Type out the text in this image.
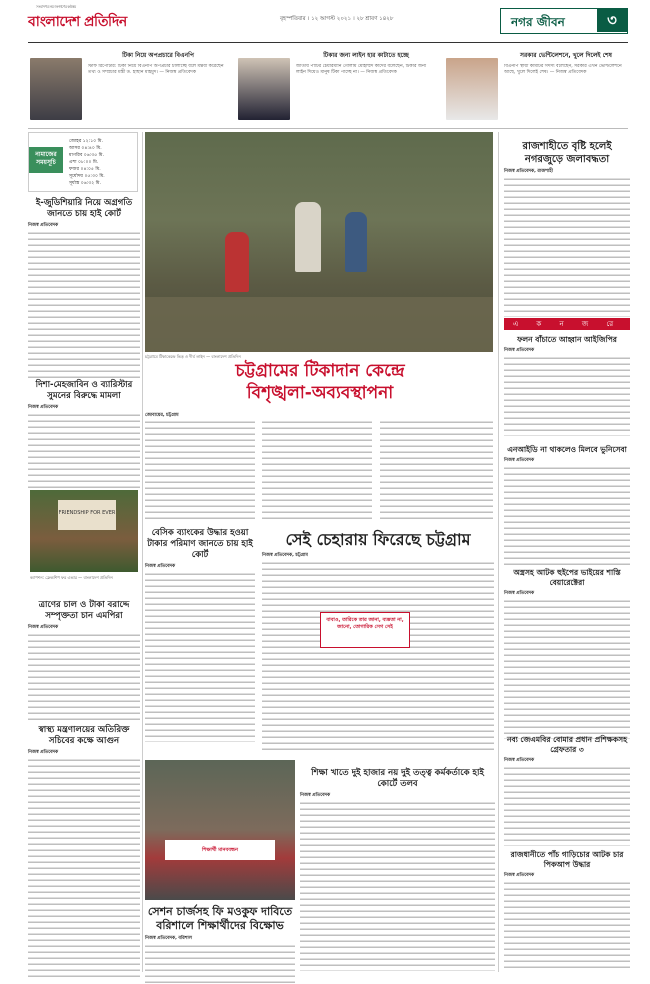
সংবাদপত্র নয় জনগণের কণ্ঠস্বর
বাংলাদেশ প্রতিদিন	বৃহস্পতিবার । ১২ আগস্ট ২০২১ । ২৮ শ্রাবণ ১৪২৮	নগর জীবন	৩
টিকা নিয়ে অপপ্রচারে বিএনপি
স্টাফ রিপোর্টার: টিকা নিয়ে বিএনপি অপপ্রচার চালাচ্ছে বলে মন্তব্য করেছেন তথ্য ও সম্প্রচার মন্ত্রী ড. হাছান মাহমুদ। — নিজস্ব প্রতিবেদক
টিকার জন্য লাইন হার কাটাতে হচ্ছে
জাতীয় পার্টির চেয়ারম্যান গোলাম মোহাম্মদ কাদের বলেছেন, টিকার জন্য লাইন দিয়েও মানুষ টিকা পাচ্ছে না। — নিজস্ব প্রতিবেদক
সরকার ভেন্টিলেশনে, খুলে দিলেই শেষ
বিএনপি স্থায়ী কমিটির সদস্য বলেছেন, সরকার এখন ভেন্টিলেশনে আছে, খুলে দিলেই শেষ। — নিজস্ব প্রতিবেদক
নামাজের সময়সূচি
জোহর ১২:১০ মি.
আসর ০৪:৪০ মি.
মাগরিব ০৬:৩৫ মি.
এশা ০৮:০০ মি.
ফজর ০৪:০৫ মি.
সূর্যোদয় ০৫:৩০ মি.
সূর্যাস্ত ০৬:৩২ মি.
ই-জুডিশিয়ারি নিয়ে অগ্রগতি জানতে চায় হাই কোর্ট
নিজস্ব প্রতিবেদক
দিশা-মেহজাবিন ও ব্যারিস্টার সুমনের বিরুদ্ধে মামলা
নিজস্ব প্রতিবেদক
FRIENDSHIP FOR EVER
ক্যাপশন: ফ্রেন্ডশিপ ফর এভার — বাংলাদেশ প্রতিদিন
ত্রাণের চাল ও টাকা বরাদ্দে সম্পৃক্ততা চান এমপিরা
নিজস্ব প্রতিবেদক
স্বাস্থ্য মন্ত্রণালয়ের অতিরিক্ত সচিবের কক্ষে আগুন
নিজস্ব প্রতিবেদক
চট্টগ্রামে টিকাকেন্দ্রে ভিড় ও দীর্ঘ লাইন — বাংলাদেশ প্রতিদিন
চট্টগ্রামের টিকাদান কেন্দ্রে
বিশৃঙ্খলা-অব্যবস্থাপনা
জোবায়ের, চট্টগ্রাম
বেসিক ব্যাংকের উদ্ধার হওয়া টাকার পরিমাণ জানতে চায় হাই কোর্ট
নিজস্ব প্রতিবেদক
সেই চেহারায় ফিরেছে চট্টগ্রাম
নিজস্ব প্রতিবেদক, চট্টগ্রাম
বাবাও, তারিকে তার জানা, ব্যস্ততা না, জানো, তোগারিক সেগ সেই
শিক্ষা খাতে দুই হাজার নয় দুই তত্ত্ব কর্মকর্তাকে হাই কোর্টে তলব
নিজস্ব প্রতিবেদক
শিক্ষার্থী মানববন্ধন
সেশন চার্জসহ ফি মওকুফ দাবিতে বরিশালে শিক্ষার্থীদের বিক্ষোভ
নিজস্ব প্রতিবেদক, বরিশাল
রাজশাহীতে বৃষ্টি হলেই নগরজুড়ে জলাবদ্ধতা
নিজস্ব প্রতিবেদক, রাজশাহী
এ ক ন জ রে
ফলন বাঁচাতে আহ্বান আইজিপির
নিজস্ব প্রতিবেদক
এনআইডি না থাকলেও মিলবে ভুনিসেবা
নিজস্ব প্রতিবেদক
অস্ত্রসহ আটক হুইপের ভাইয়ের শাস্তি বেয়ারেক্টেরা
নিজস্ব প্রতিবেদক
নব্য জেএমবির বোমার প্রধান প্রশিক্ষকসহ গ্রেফতার ৩
নিজস্ব প্রতিবেদক
রাজধানীতে পাঁচ গাড়িচোর আটক চার পিকআপ উদ্ধার
নিজস্ব প্রতিবেদক
